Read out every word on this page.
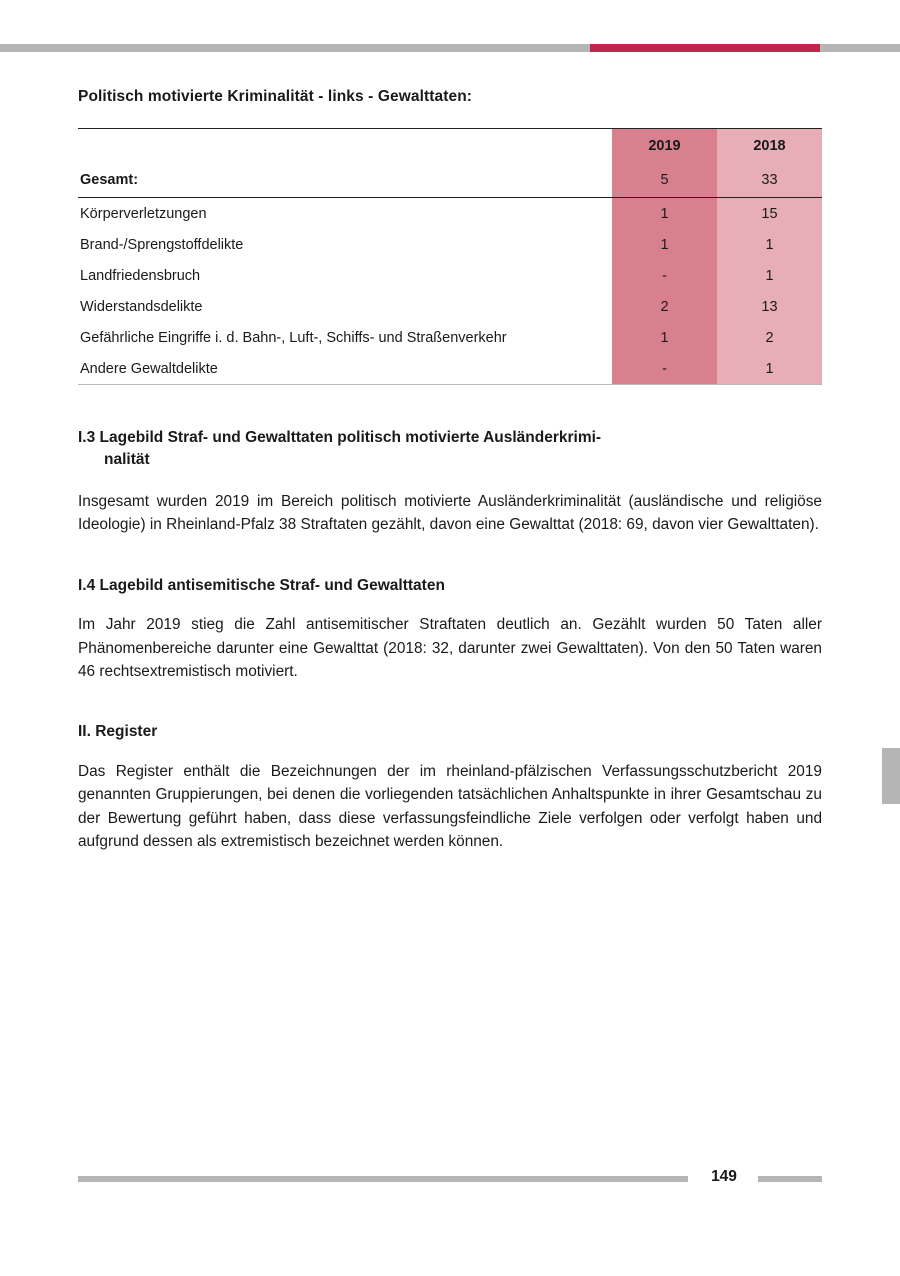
Politisch motivierte Kriminalität - links - Gewalttaten:
	2019	2018
Gesamt:	5	33
Körperverletzungen	1	15
Brand-/Sprengstoffdelikte	1	1
Landfriedensbruch	-	1
Widerstandsdelikte	2	13
Gefährliche Eingriffe i. d. Bahn-, Luft-, Schiffs- und Straßenverkehr	1	2
Andere Gewaltdelikte	-	1
I.3 Lagebild Straf- und Gewalttaten politisch motivierte Ausländerkrimi-
nalität

Insgesamt wurden 2019 im Bereich politisch motivierte Ausländerkriminalität (ausländische und religiöse Ideologie) in Rheinland-Pfalz 38 Straftaten gezählt, davon eine Gewalttat (2018: 69, davon vier Gewalttaten).

I.4 Lagebild antisemitische Straf- und Gewalttaten

Im Jahr 2019 stieg die Zahl antisemitischer Straftaten deutlich an. Gezählt wurden 50 Taten aller Phänomenbereiche darunter eine Gewalttat (2018: 32, darunter zwei Gewalttaten). Von den 50 Taten waren 46 rechtsextremistisch motiviert.

II. Register

Das Register enthält die Bezeichnungen der im rheinland-pfälzischen Verfassungsschutzbericht 2019 genannten Gruppierungen, bei denen die vorliegenden tatsächlichen Anhaltspunkte in ihrer Gesamtschau zu der Bewertung geführt haben, dass diese verfassungsfeindliche Ziele verfolgen oder verfolgt haben und aufgrund dessen als extremistisch bezeichnet werden können.

149
